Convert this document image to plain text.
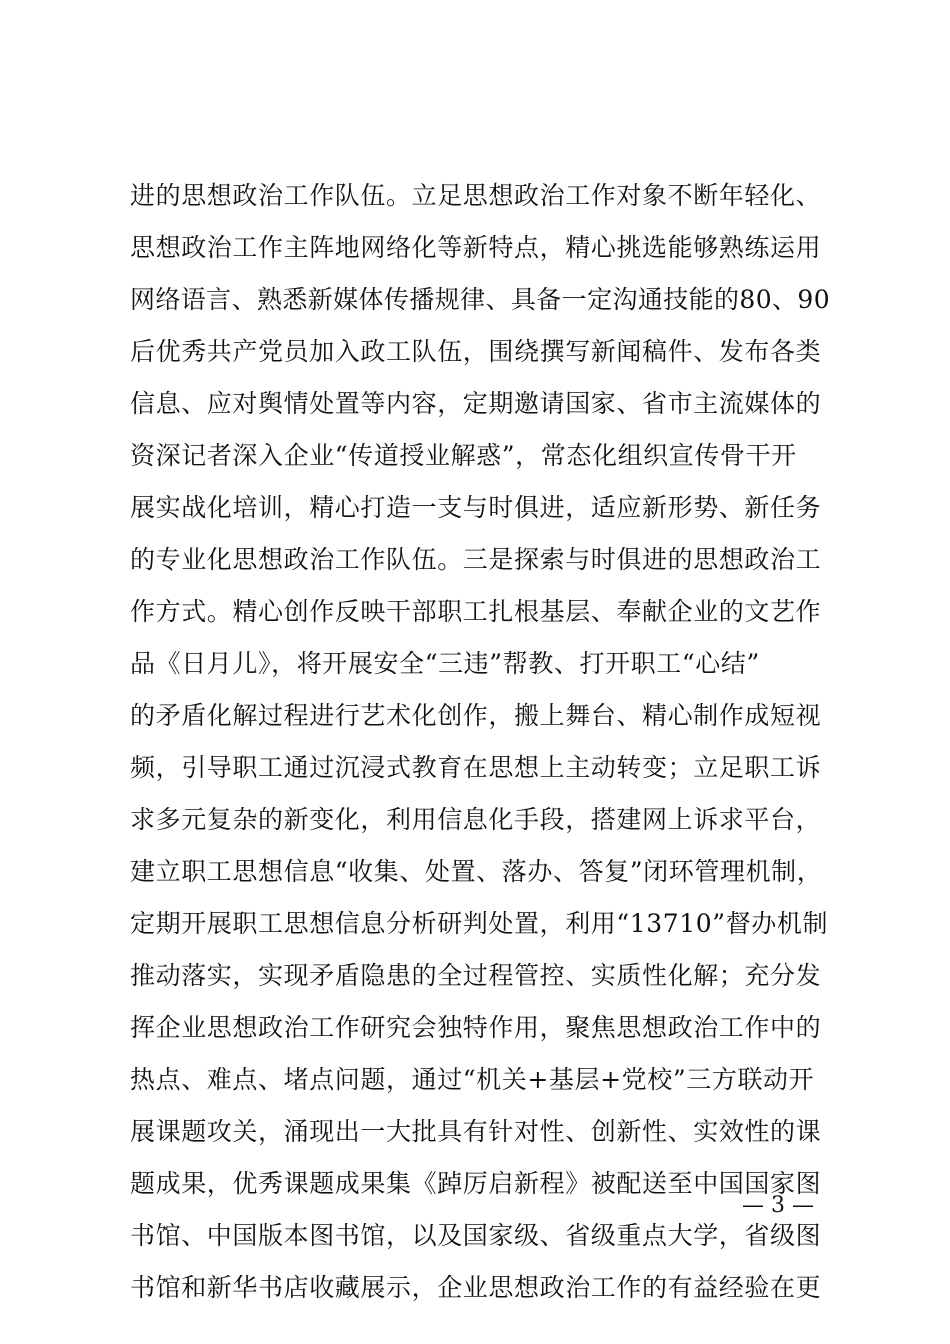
进的思想政治工作队伍。立足思想政治工作对象不断年轻化、
思想政治工作主阵地网络化等新特点，精心挑选能够熟练运用
网络语言、熟悉新媒体传播规律、具备一定沟通技能的80、90
后优秀共产党员加入政工队伍，围绕撰写新闻稿件、发布各类
信息、应对舆情处置等内容，定期邀请国家、省市主流媒体的
资深记者深入企业“传道授业解惑”，常态化组织宣传骨干开
展实战化培训，精心打造一支与时俱进，适应新形势、新任务
的专业化思想政治工作队伍。三是探索与时俱进的思想政治工
作方式。精心创作反映干部职工扎根基层、奉献企业的文艺作
品《日月儿》，将开展安全“三违”帮教、打开职工“心结”
的矛盾化解过程进行艺术化创作，搬上舞台、精心制作成短视
频，引导职工通过沉浸式教育在思想上主动转变；立足职工诉
求多元复杂的新变化，利用信息化手段，搭建网上诉求平台，
建立职工思想信息“收集、处置、落办、答复”闭环管理机制，
定期开展职工思想信息分析研判处置，利用“13710”督办机制
推动落实，实现矛盾隐患的全过程管控、实质性化解；充分发
挥企业思想政治工作研究会独特作用，聚焦思想政治工作中的
热点、难点、堵点问题，通过“机关+基层+党校”三方联动开
展课题攻关，涌现出一大批具有针对性、创新性、实效性的课
题成果，优秀课题成果集《踔厉启新程》被配送至中国国家图
书馆、中国版本图书馆，以及国家级、省级重点大学，省级图
书馆和新华书店收藏展示，企业思想政治工作的有益经验在更
— 3 —
